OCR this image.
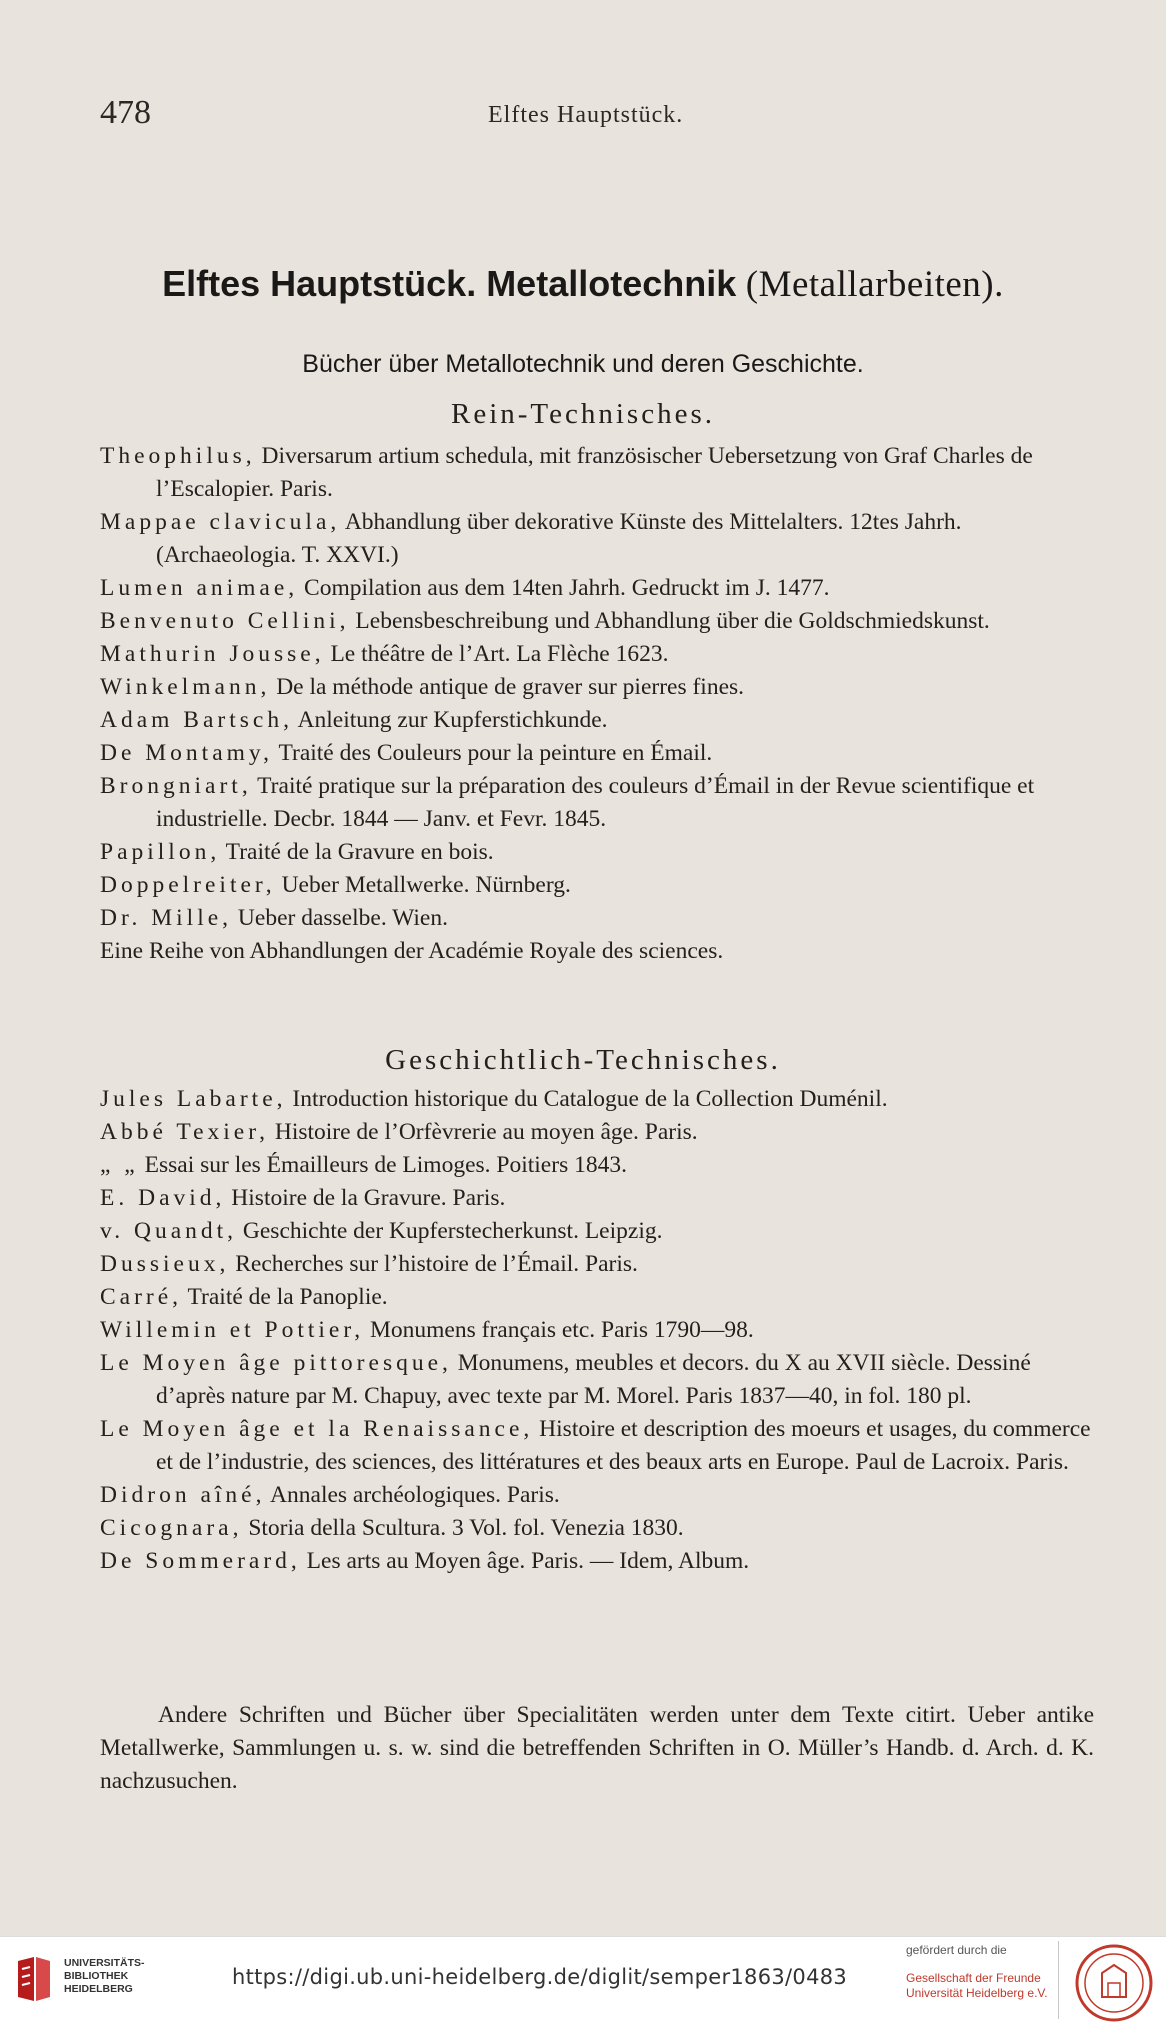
478	Elftes Hauptstück.
Elftes Hauptstück. Metallotechnik (Metallarbeiten).
Bücher über Metallotechnik und deren Geschichte.
Rein-Technisches.

Theophilus, Diversarum artium schedula, mit französischer Uebersetzung von Graf Charles de l’Escalopier. Paris.

Mappae clavicula, Abhandlung über dekorative Künste des Mittelalters. 12tes Jahrh. (Archaeologia. T. XXVI.)

Lumen animae, Compilation aus dem 14ten Jahrh. Gedruckt im J. 1477.

Benvenuto Cellini, Lebensbeschreibung und Abhandlung über die Goldschmiedskunst.

Mathurin Jousse, Le théâtre de l’Art. La Flèche 1623.

Winkelmann, De la méthode antique de graver sur pierres fines.

Adam Bartsch, Anleitung zur Kupferstichkunde.

De Montamy, Traité des Couleurs pour la peinture en Émail.

Brongniart, Traité pratique sur la préparation des couleurs d’Émail in der Revue scientifique et industrielle. Decbr. 1844 — Janv. et Fevr. 1845.

Papillon, Traité de la Gravure en bois.

Doppelreiter, Ueber Metallwerke. Nürnberg.

Dr. Mille, Ueber dasselbe. Wien.

Eine Reihe von Abhandlungen der Académie Royale des sciences.

Geschichtlich-Technisches.

Jules Labarte, Introduction historique du Catalogue de la Collection Duménil.

Abbé Texier, Histoire de l’Orfèvrerie au moyen âge. Paris.

„ „ Essai sur les Émailleurs de Limoges. Poitiers 1843.

E. David, Histoire de la Gravure. Paris.

v. Quandt, Geschichte der Kupferstecherkunst. Leipzig.

Dussieux, Recherches sur l’histoire de l’Émail. Paris.

Carré, Traité de la Panoplie.

Willemin et Pottier, Monumens français etc. Paris 1790—98.

Le Moyen âge pittoresque, Monumens, meubles et decors. du X au XVII siècle. Dessiné d’après nature par M. Chapuy, avec texte par M. Morel. Paris 1837—40, in fol. 180 pl.

Le Moyen âge et la Renaissance, Histoire et description des moeurs et usages, du commerce et de l’industrie, des sciences, des littératures et des beaux arts en Europe. Paul de Lacroix. Paris.

Didron aîné, Annales archéologiques. Paris.

Cicognara, Storia della Scultura. 3 Vol. fol. Venezia 1830.

De Sommerard, Les arts au Moyen âge. Paris. — Idem, Album.

Andere Schriften und Bücher über Specialitäten werden unter dem Texte citirt. Ueber antike Metallwerke, Sammlungen u. s. w. sind die betreffenden Schriften in O. Müller’s Handb. d. Arch. d. K. nachzusuchen.

UNIVERSITÄTS-
BIBLIOTHEK
HEIDELBERG	https://digi.ub.uni-heidelberg.de/diglit/semper1863/0483
gefördert durch die
Gesellschaft der Freunde
Universität Heidelberg e.V.
